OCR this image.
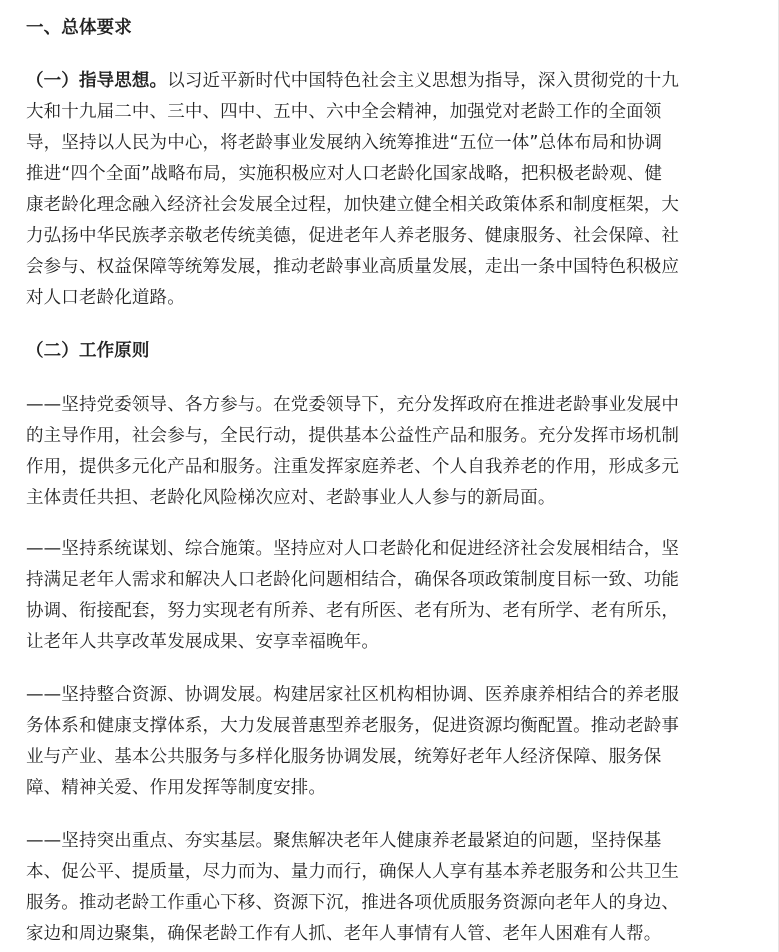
一、总体要求
（一）指导思想。以习近平新时代中国特色社会主义思想为指导，深入贯彻党的十九
大和十九届二中、三中、四中、五中、六中全会精神，加强党对老龄工作的全面领
导，坚持以人民为中心，将老龄事业发展纳入统筹推进“五位一体”总体布局和协调
推进“四个全面”战略布局，实施积极应对人口老龄化国家战略，把积极老龄观、健
康老龄化理念融入经济社会发展全过程，加快建立健全相关政策体系和制度框架，大
力弘扬中华民族孝亲敬老传统美德，促进老年人养老服务、健康服务、社会保障、社
会参与、权益保障等统筹发展，推动老龄事业高质量发展，走出一条中国特色积极应
对人口老龄化道路。
（二）工作原则
——坚持党委领导、各方参与。在党委领导下，充分发挥政府在推进老龄事业发展中
的主导作用，社会参与，全民行动，提供基本公益性产品和服务。充分发挥市场机制
作用，提供多元化产品和服务。注重发挥家庭养老、个人自我养老的作用，形成多元
主体责任共担、老龄化风险梯次应对、老龄事业人人参与的新局面。
——坚持系统谋划、综合施策。坚持应对人口老龄化和促进经济社会发展相结合，坚
持满足老年人需求和解决人口老龄化问题相结合，确保各项政策制度目标一致、功能
协调、衔接配套，努力实现老有所养、老有所医、老有所为、老有所学、老有所乐，
让老年人共享改革发展成果、安享幸福晚年。
——坚持整合资源、协调发展。构建居家社区机构相协调、医养康养相结合的养老服
务体系和健康支撑体系，大力发展普惠型养老服务，促进资源均衡配置。推动老龄事
业与产业、基本公共服务与多样化服务协调发展，统筹好老年人经济保障、服务保
障、精神关爱、作用发挥等制度安排。
——坚持突出重点、夯实基层。聚焦解决老年人健康养老最紧迫的问题，坚持保基
本、促公平、提质量，尽力而为、量力而行，确保人人享有基本养老服务和公共卫生
服务。推动老龄工作重心下移、资源下沉，推进各项优质服务资源向老年人的身边、
家边和周边聚集，确保老龄工作有人抓、老年人事情有人管、老年人困难有人帮。
